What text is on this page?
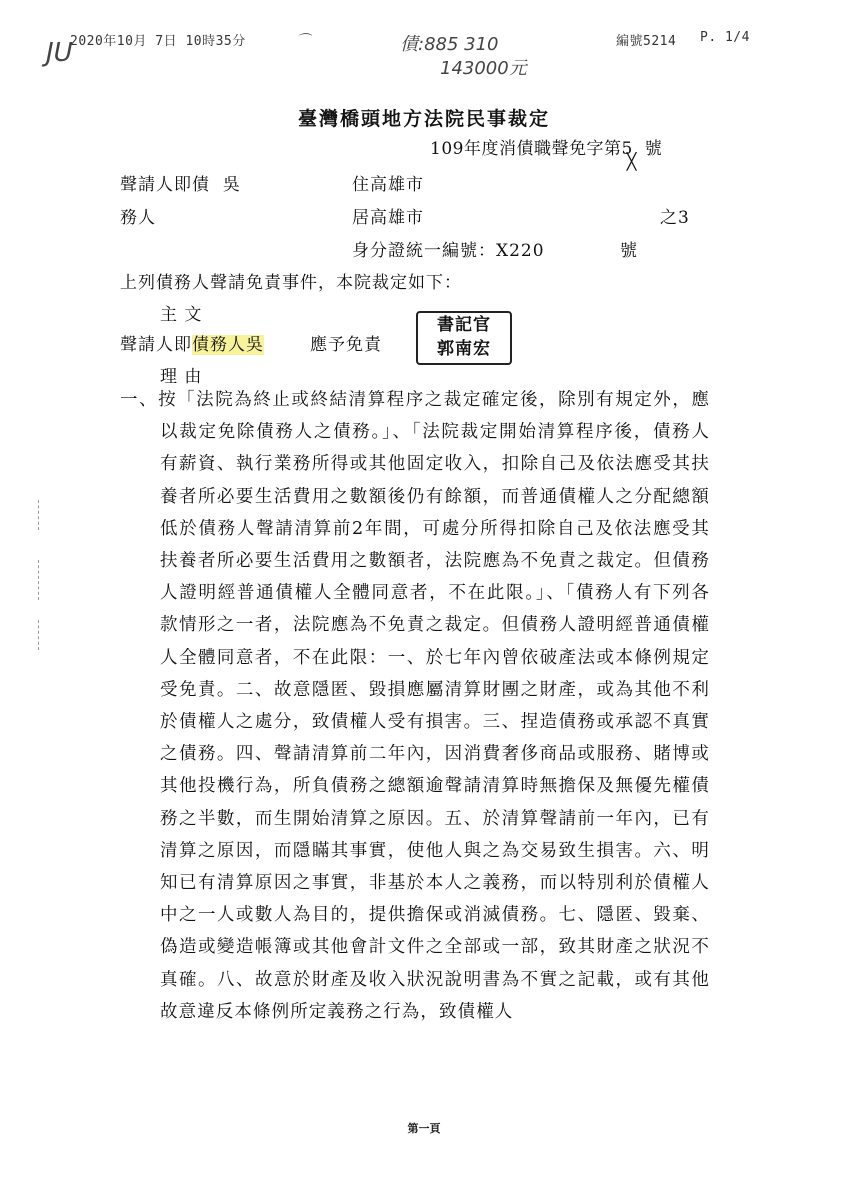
2020年10月 7日 10時35分	編號5214 P. 1/4
JU	⌒	債:885 310
143000元
臺灣橋頭地方法院民事裁定
109年度消債職聲免字第5 號
聲請人即債 吳	住高雄市
務人	居高雄市	之3
身分證統一編號：X220	號
上列債務人聲請免責事件，本院裁定如下：
主 文
聲請人即債務人吳	應予免責
書記官
郭南宏
理 由
一、按「法院為終止或終結清算程序之裁定確定後，除別有規定外，應以裁定免除債務人之債務。」、「法院裁定開始清算程序後，債務人有薪資、執行業務所得或其他固定收入，扣除自己及依法應受其扶養者所必要生活費用之數額後仍有餘額，而普通債權人之分配總額低於債務人聲請清算前2年間，可處分所得扣除自己及依法應受其扶養者所必要生活費用之數額者，法院應為不免責之裁定。但債務人證明經普通債權人全體同意者，不在此限。」、「債務人有下列各款情形之一者，法院應為不免責之裁定。但債務人證明經普通債權人全體同意者，不在此限：一、於七年內曾依破產法或本條例規定受免責。二、故意隱匿、毀損應屬清算財團之財產，或為其他不利於債權人之處分，致債權人受有損害。三、捏造債務或承認不真實之債務。四、聲請清算前二年內，因消費奢侈商品或服務、賭博或其他投機行為，所負債務之總額逾聲請清算時無擔保及無優先權債務之半數，而生開始清算之原因。五、於清算聲請前一年內，已有清算之原因，而隱瞞其事實，使他人與之為交易致生損害。六、明知已有清算原因之事實，非基於本人之義務，而以特別利於債權人中之一人或數人為目的，提供擔保或消滅債務。七、隱匿、毀棄、偽造或變造帳簿或其他會計文件之全部或一部，致其財產之狀況不真確。八、故意於財產及收入狀況說明書為不實之記載，或有其他故意違反本條例所定義務之行為，致債權人
第一頁
